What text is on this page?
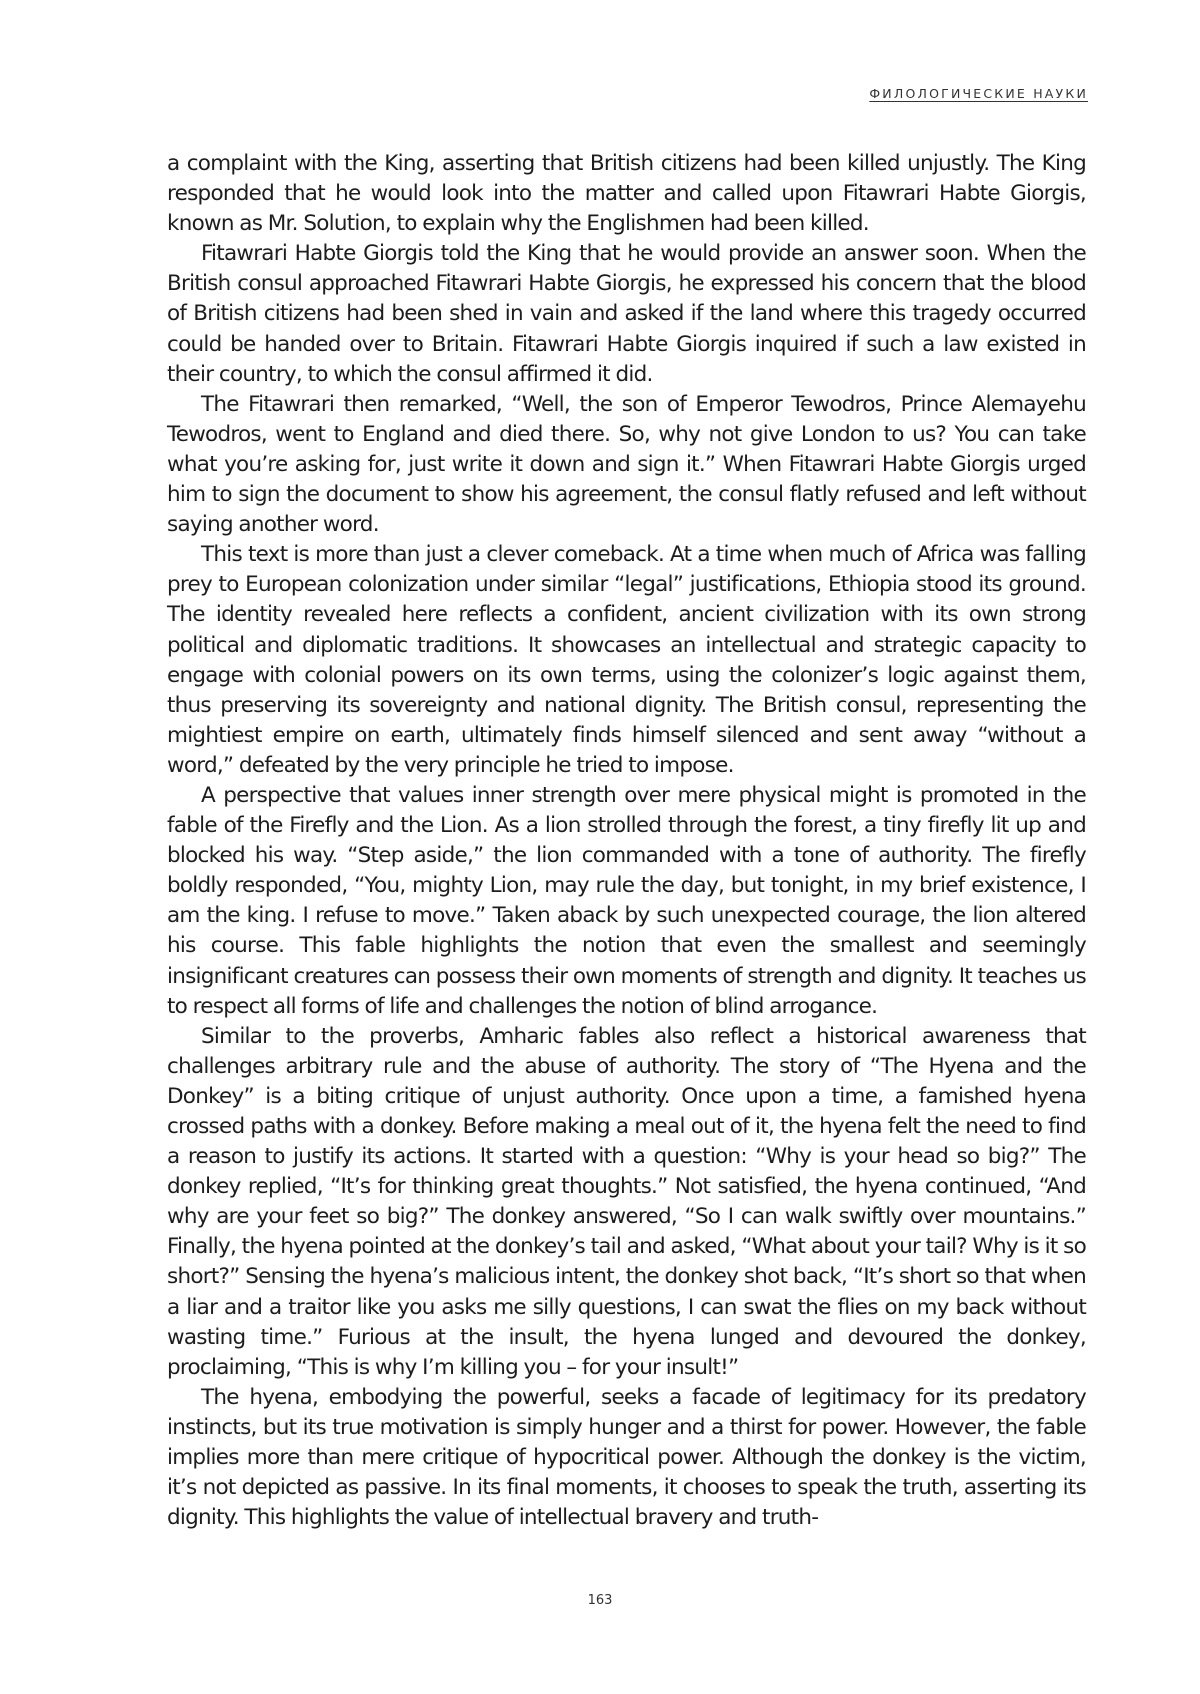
ФИЛОЛОГИЧЕСКИЕ НАУКИ

a complaint with the King, asserting that British citizens had been killed unjustly. The King responded that he would look into the matter and called upon Fitawrari Habte Giorgis, known as Mr. Solution, to explain why the Englishmen had been killed.

Fitawrari Habte Giorgis told the King that he would provide an answer soon. When the British consul approached Fitawrari Habte Giorgis, he expressed his concern that the blood of British citizens had been shed in vain and asked if the land where this tragedy occurred could be handed over to Britain. Fitawrari Habte Giorgis inquired if such a law existed in their country, to which the consul affirmed it did.

The Fitawrari then remarked, “Well, the son of Emperor Tewodros, Prince Alemayehu Tewodros, went to England and died there. So, why not give London to us? You can take what you’re asking for, just write it down and sign it.” When Fitawrari Habte Giorgis urged him to sign the document to show his agreement, the consul flatly refused and left without saying another word.

This text is more than just a clever comeback. At a time when much of Africa was falling prey to European colonization under similar “legal” justifications, Ethiopia stood its ground. The identity revealed here reflects a confident, ancient civilization with its own strong political and diplomatic traditions. It showcases an intellectual and strategic capacity to engage with colonial powers on its own terms, using the colonizer’s logic against them, thus preserving its sovereignty and national dignity. The British consul, representing the mightiest empire on earth, ultimately finds himself silenced and sent away “without a word,” defeated by the very principle he tried to impose.

A perspective that values inner strength over mere physical might is promoted in the fable of the Firefly and the Lion. As a lion strolled through the forest, a tiny firefly lit up and blocked his way. “Step aside,” the lion commanded with a tone of authority. The firefly boldly responded, “You, mighty Lion, may rule the day, but tonight, in my brief existence, I am the king. I refuse to move.” Taken aback by such unexpected courage, the lion altered his course. This fable highlights the notion that even the smallest and seemingly insignificant creatures can possess their own moments of strength and dignity. It teaches us to respect all forms of life and challenges the notion of blind arrogance.

Similar to the proverbs, Amharic fables also reflect a historical awareness that challenges arbitrary rule and the abuse of authority. The story of “The Hyena and the Donkey” is a biting critique of unjust authority. Once upon a time, a famished hyena crossed paths with a donkey. Before making a meal out of it, the hyena felt the need to find a reason to justify its actions. It started with a question: “Why is your head so big?” The donkey replied, “It’s for thinking great thoughts.” Not satisfied, the hyena continued, “And why are your feet so big?” The donkey answered, “So I can walk swiftly over mountains.” Finally, the hyena pointed at the donkey’s tail and asked, “What about your tail? Why is it so short?” Sensing the hyena’s malicious intent, the donkey shot back, “It’s short so that when a liar and a traitor like you asks me silly questions, I can swat the flies on my back without wasting time.” Furious at the insult, the hyena lunged and devoured the donkey, proclaiming, “This is why I’m killing you – for your insult!”

The hyena, embodying the powerful, seeks a facade of legitimacy for its predatory instincts, but its true motivation is simply hunger and a thirst for power. However, the fable implies more than mere critique of hypocritical power. Although the donkey is the victim, it’s not depicted as passive. In its final moments, it chooses to speak the truth, asserting its dignity. This highlights the value of intellectual bravery and truth-

163
